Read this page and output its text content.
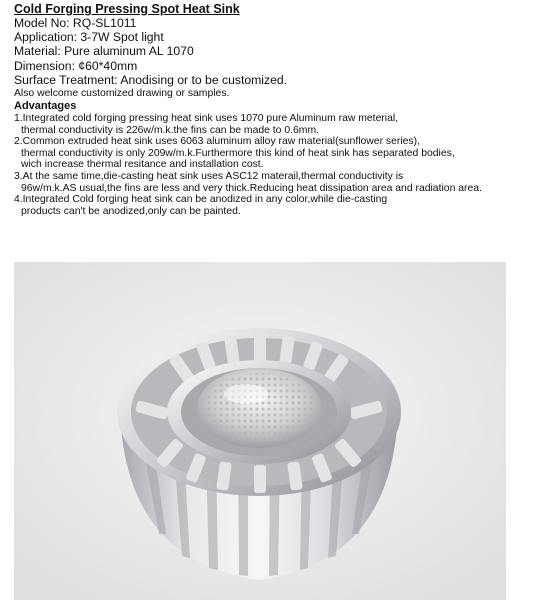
Cold Forging Pressing Spot Heat Sink
Model No: RQ-SL1011
Application: 3-7W Spot light
Material: Pure aluminum AL 1070
Dimension: ¢60*40mm
Surface Treatment: Anodising or to be customized.
Also welcome customized drawing or samples.
Advantages
1.Integrated cold forging pressing heat sink uses 1070 pure Aluminum raw meterial,
thermal conductivity is 226w/m.k.the fins can be made to 0.6mm.
2.Common extruded heat sink uses 6063 aluminum alloy raw material(sunflower series),
thermal conductivity is only 209w/m.k.Furthermore this kind of heat sink has separated bodies,
wich increase thermal resitance and installation cost.
3.At the same time,die-casting heat sink uses ASC12 materail,thermal conductivity is
96w/m.k.AS usual,the fins are less and very thick.Reducing heat dissipation area and radiation area.
4.Integrated Cold forging heat sink can be anodized in any color,while die-casting
products can't be anodized,only can be painted.
